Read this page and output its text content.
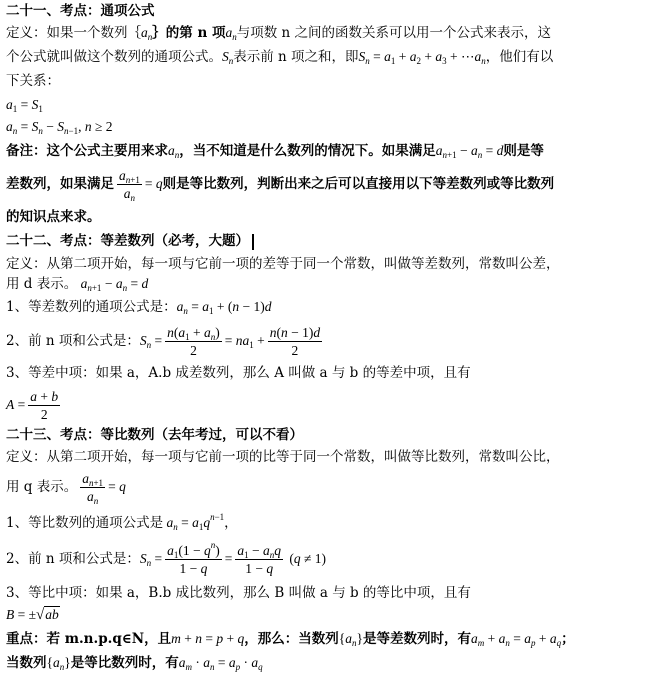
二十一、考点：通项公式
定义：如果一个数列$\{a_n\}$的第 n 项$a_n$与项数 n 之间的函数关系可以用一个公式来表示，这
个公式就叫做这个数列的通项公式。$S_n$表示前 n 项之和，即$S_n = a_1 + a_2 + a_3$ + $\cdots a_n$，他们有以
下关系：
$a_1 = S_1$
$a_n = S_n - S_{n-1}$, n ≥ 2
备注：这个公式主要用来求$a_n$，当不知道是什么数列的情况下。如果满足$a_{n+1} - a_n = d$则是等
差数列，如果满足 $\frac{a_{n+1}}{a_n} = q$则是等比数列，判断出来之后可以直接用以下等差数列或等比数列
的知识点来求。
二十二、考点：等差数列（必考，大题）
定义：从第二项开始，每一项与它前一项的差等于同一个常数，叫做等差数列，常数叫公差，
用 d 表示。 $a_{n+1} - a_n = d$
1、等差数列的通项公式是：$a_n = a_1 + (n - 1)d$
2、前 n 项和公式是：$S_n = \frac{n(a_1 + a_n)}{2} = na_1 + \frac{n(n - 1)d}{2}$
3、等差中项：如果 a，A.b 成差数列，那么 A 叫做 a 与 b 的等差中项，且有
$A = \frac{a + b}{2}$
二十三、考点：等比数列（去年考过，可以不看）
定义：从第二项开始，每一项与它前一项的比等于同一个常数，叫做等比数列，常数叫公比，
用 q 表示。 $\frac{a_{n+1}}{a_n} = q$
1、等比数列的通项公式是 $a_n = a_1q^{n-1}$，
2、前 n 项和公式是：$S_n = \frac{a_1(1 - q^n)}{1 - q} = \frac{a_1 - a_nq}{1 - q} (q \ne 1)$
3、等比中项：如果 a，B.b 成比数列，那么 B 叫做 a 与 b 的等比中项，且有
B = ±√ab
重点：若 m.n.p.q∈N，且m + n = p + q，那么：当数列$\{a_n\}$是等差数列时，有$a_m + a_n = a_p + a_q$；
当数列$\{a_n\}$是等比数列时，有$a_m \cdot a_n = a_p \cdot a_q$
